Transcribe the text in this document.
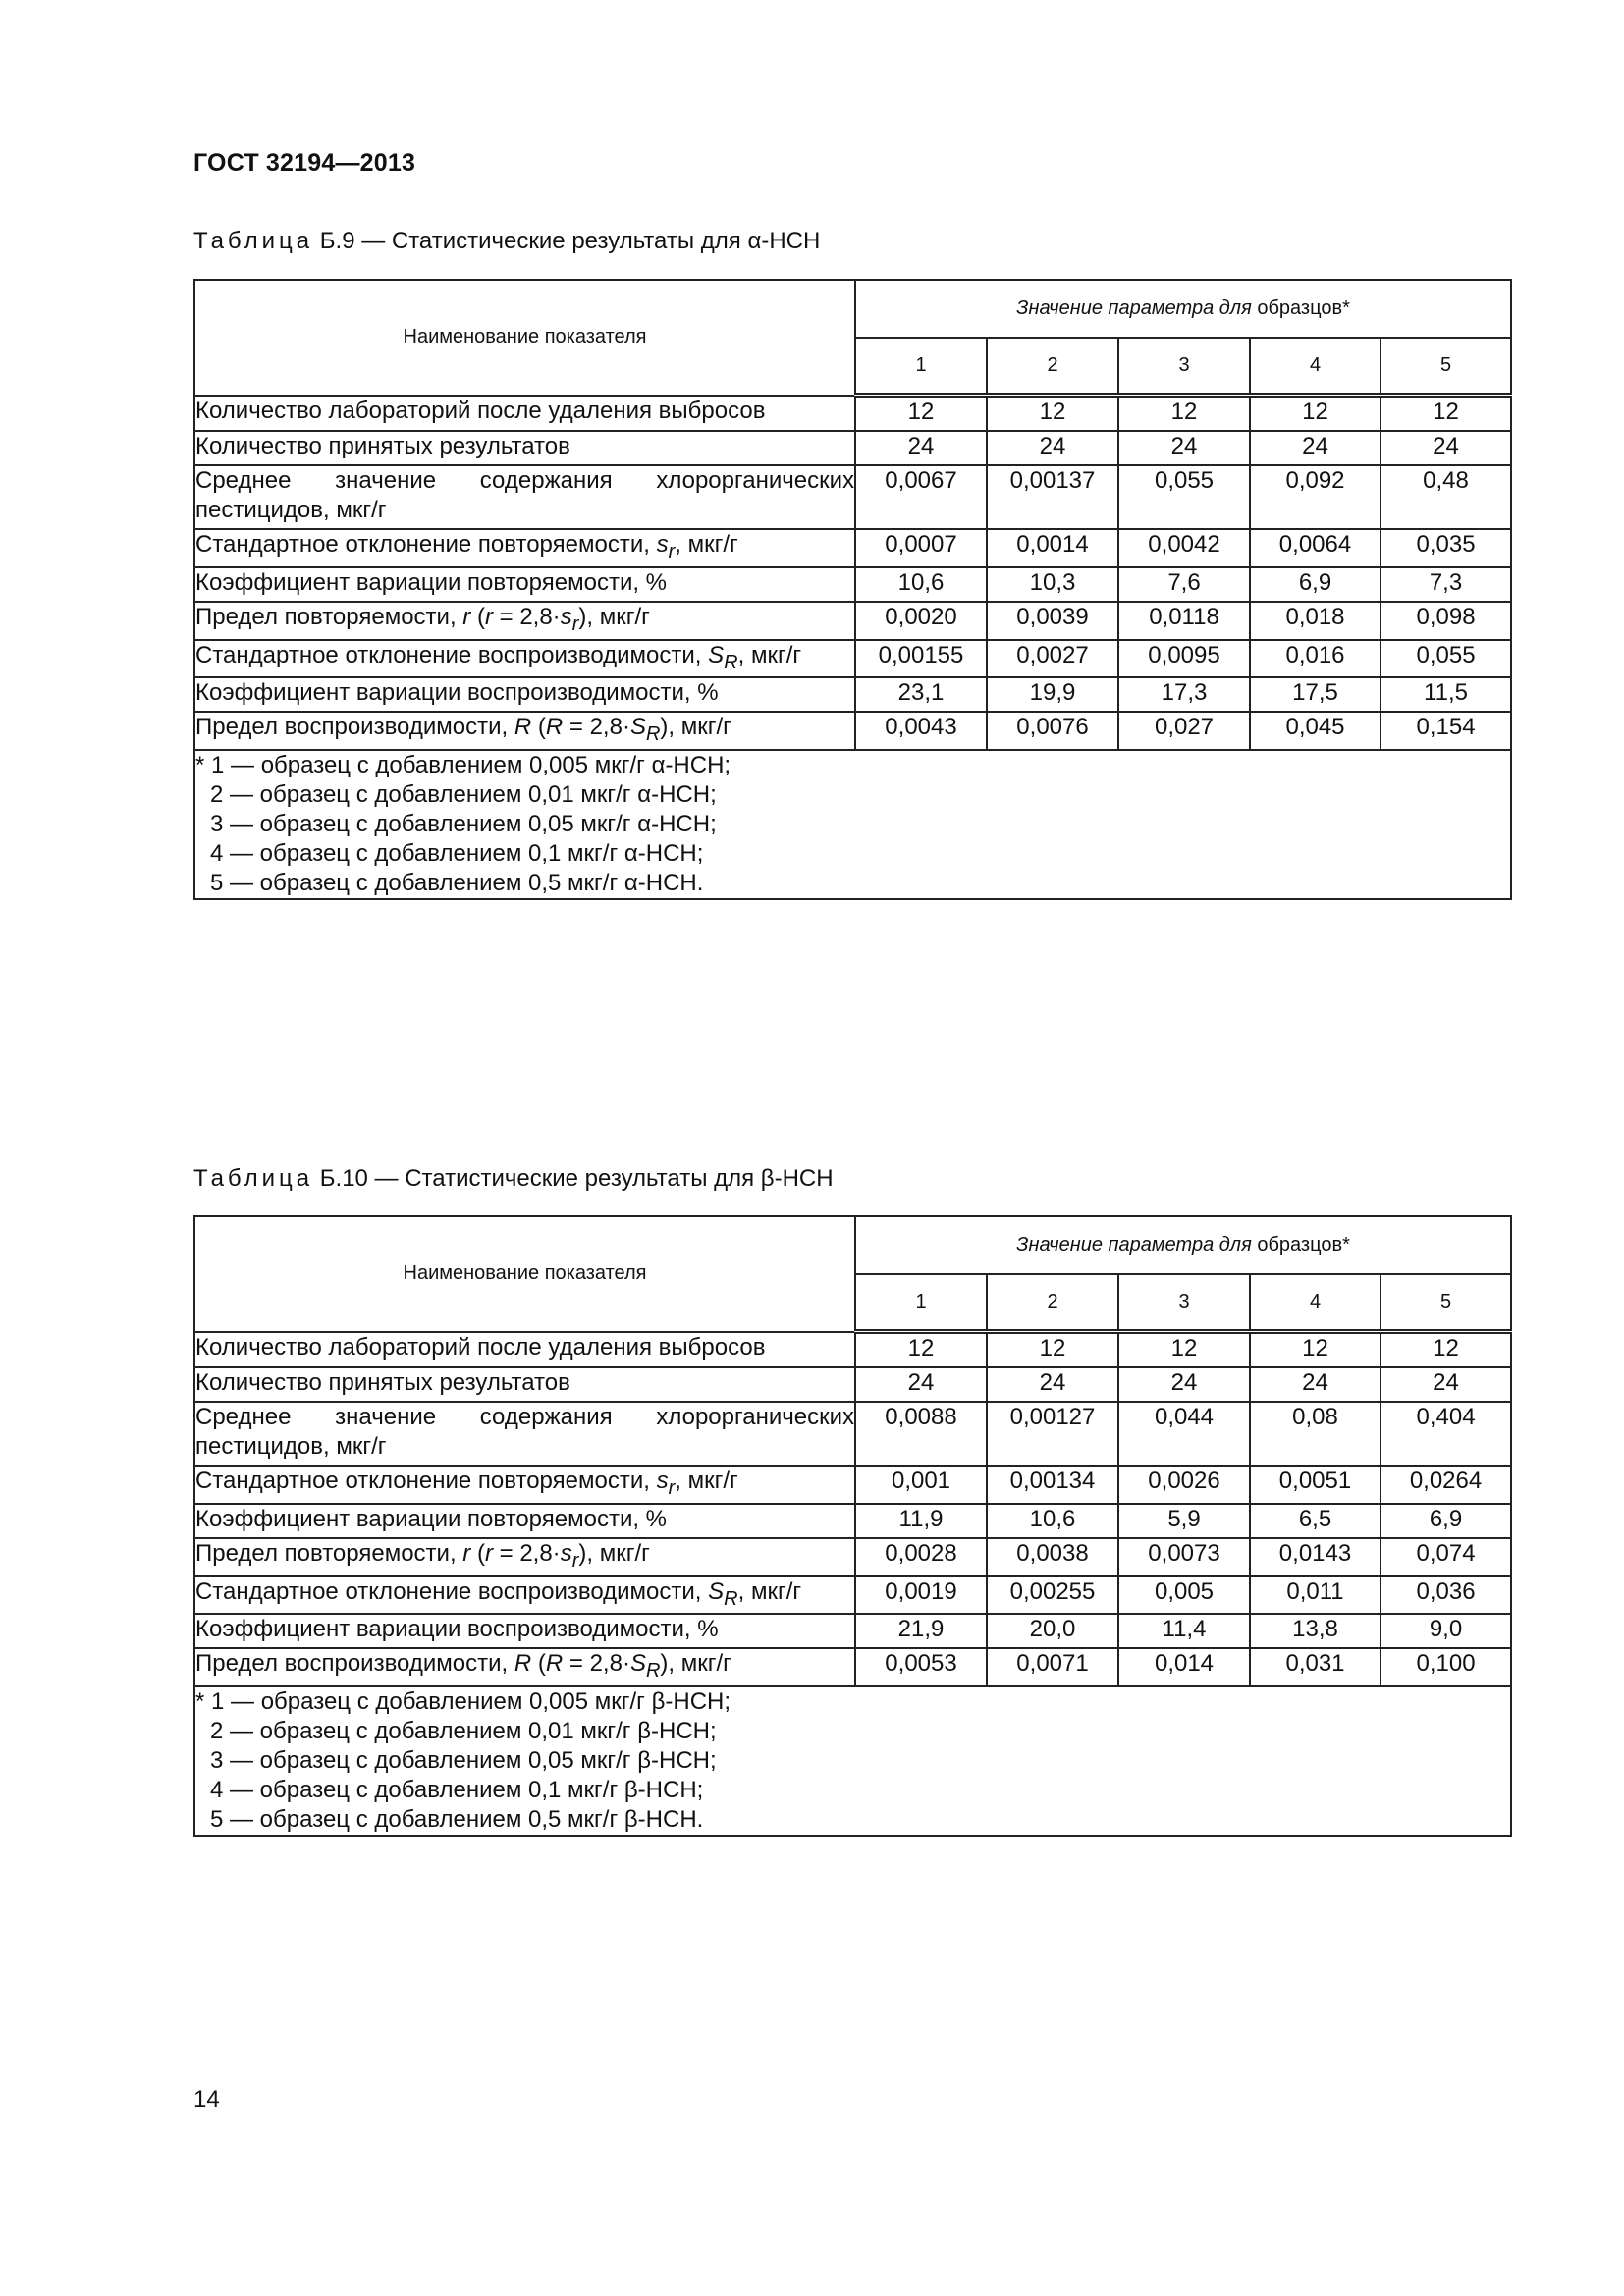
ГОСТ 32194—2013
Таблица Б.9 — Статистические результаты для α-НСН
Наименование показателя	Значение параметра для образцов*				
	1	2	3	4	5
Количество лабораторий после удаления выбросов	12	12	12	12	12
Количество принятых результатов	24	24	24	24	24
Среднее значение содержания хлорорганических пестицидов, мкг/г	0,0067	0,00137	0,055	0,092	0,48
Стандартное отклонение повторяемости, $s_r$, мкг/г	0,0007	0,0014	0,0042	0,0064	0,035
Коэффициент вариации повторяемости, %	10,6	10,3	7,6	6,9	7,3
Предел повторяемости, r $(r = 2,8\cdot s_r)$, мкг/г	0,0020	0,0039	0,0118	0,018	0,098
Стандартное отклонение воспроизводимости, $S_R$, мкг/г	0,00155	0,0027	0,0095	0,016	0,055
Коэффициент вариации воспроизводимости, %	23,1	19,9	17,3	17,5	11,5
Предел воспроизводимости, R $(R = 2,8\cdot S_R)$, мкг/г	0,0043	0,0076	0,027	0,045	0,154

* 1 — образец с добавлением 0,005 мкг/г α-НСН;
2 — образец с добавлением 0,01 мкг/г α-НСН;
3 — образец с добавлением 0,05 мкг/г α-НСН;
4 — образец с добавлением 0,1 мкг/г α-НСН;
5 — образец с добавлением 0,5 мкг/г α-НСН.					
Таблица Б.10 — Статистические результаты для β-НСН
Наименование показателя	Значение параметра для образцов*				
	1	2	3	4	5
Количество лабораторий после удаления выбросов	12	12	12	12	12
Количество принятых результатов	24	24	24	24	24
Среднее значение содержания хлорорганических пестицидов, мкг/г	0,0088	0,00127	0,044	0,08	0,404
Стандартное отклонение повторяемости, $s_r$, мкг/г	0,001	0,00134	0,0026	0,0051	0,0264
Коэффициент вариации повторяемости, %	11,9	10,6	5,9	6,5	6,9
Предел повторяемости, r $(r = 2,8\cdot s_r)$, мкг/г	0,0028	0,0038	0,0073	0,0143	0,074
Стандартное отклонение воспроизводимости, $S_R$, мкг/г	0,0019	0,00255	0,005	0,011	0,036
Коэффициент вариации воспроизводимости, %	21,9	20,0	11,4	13,8	9,0
Предел воспроизводимости, R $(R = 2,8\cdot S_R)$, мкг/г	0,0053	0,0071	0,014	0,031	0,100

* 1 — образец с добавлением 0,005 мкг/г β-НСН;
2 — образец с добавлением 0,01 мкг/г β-НСН;
3 — образец с добавлением 0,05 мкг/г β-НСН;
4 — образец с добавлением 0,1 мкг/г β-НСН;
5 — образец с добавлением 0,5 мкг/г β-НСН.					
14
